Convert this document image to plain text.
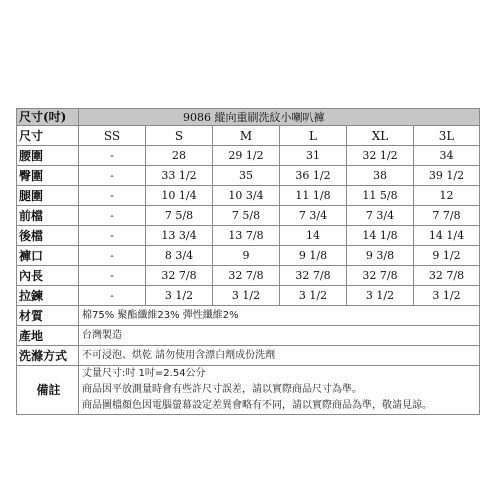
尺寸(吋)	9086 縱向重刷洗紋小喇叭褲					
尺寸	SS	S	M	L	XL	3L
腰圍	-	28	29 1/2	31	32 1/2	34
臀圍	-	33 1/2	35	36 1/2	38	39 1/2
腿圍	-	10 1/4	10 3/4	11 1/8	11 5/8	12
前檔	-	7 5/8	7 5/8	7 3/4	7 3/4	7 7/8
後檔	-	13 3/4	13 7/8	14	14 1/8	14 1/4
褲口	-	8 3/4	9	9 1/8	9 3/8	9 1/2
內長	-	32 7/8	32 7/8	32 7/8	32 7/8	32 7/8
拉鍊	-	3 1/2	3 1/2	3 1/2	3 1/2	3 1/2
材質	棉75% 聚酯纖維23% 彈性纖維2%					
產地	台灣製造					
洗滌方式	不可浸泡、烘乾 請勿使用含漂白劑成份洗劑					
備註	丈量尺寸:吋 1吋=2.54公分
商品因平放測量時會有些許尺寸誤差，請以實際商品尺寸為準。
商品圖檔顏色因電腦螢幕設定差異會略有不同，請以實際商品為準，敬請見諒。					
